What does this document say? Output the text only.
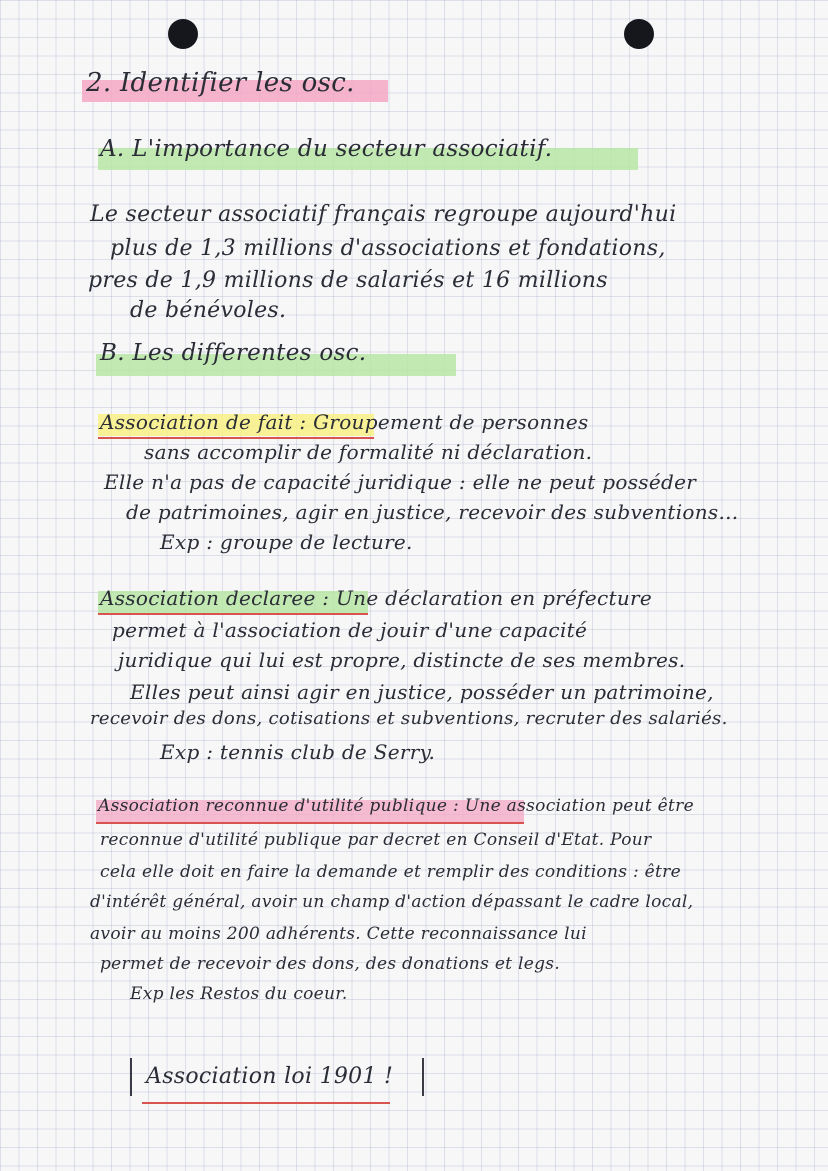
2. Identifier les osc.
A. L'importance du secteur associatif.
Le secteur associatif français regroupe aujourd'hui
plus de 1,3 millions d'associations et fondations,
pres de 1,9 millions de salariés et 16 millions
de bénévoles.
B. Les differentes osc.
Association de fait : Groupement de personnes
sans accomplir de formalité ni déclaration.
Elle n'a pas de capacité juridique : elle ne peut posséder
de patrimoines, agir en justice, recevoir des subventions...
Exp : groupe de lecture.
Association declaree : Une déclaration en préfecture
permet à l'association de jouir d'une capacité
juridique qui lui est propre, distincte de ses membres.
Elles peut ainsi agir en justice, posséder un patrimoine,
recevoir des dons, cotisations et subventions, recruter des salariés.
Exp : tennis club de Serry.
Association reconnue d'utilité publique : Une association peut être
reconnue d'utilité publique par decret en Conseil d'Etat. Pour
cela elle doit en faire la demande et remplir des conditions : être
d'intérêt général, avoir un champ d'action dépassant le cadre local,
avoir au moins 200 adhérents. Cette reconnaissance lui
permet de recevoir des dons, des donations et legs.
Exp les Restos du coeur.
Association loi 1901 !
